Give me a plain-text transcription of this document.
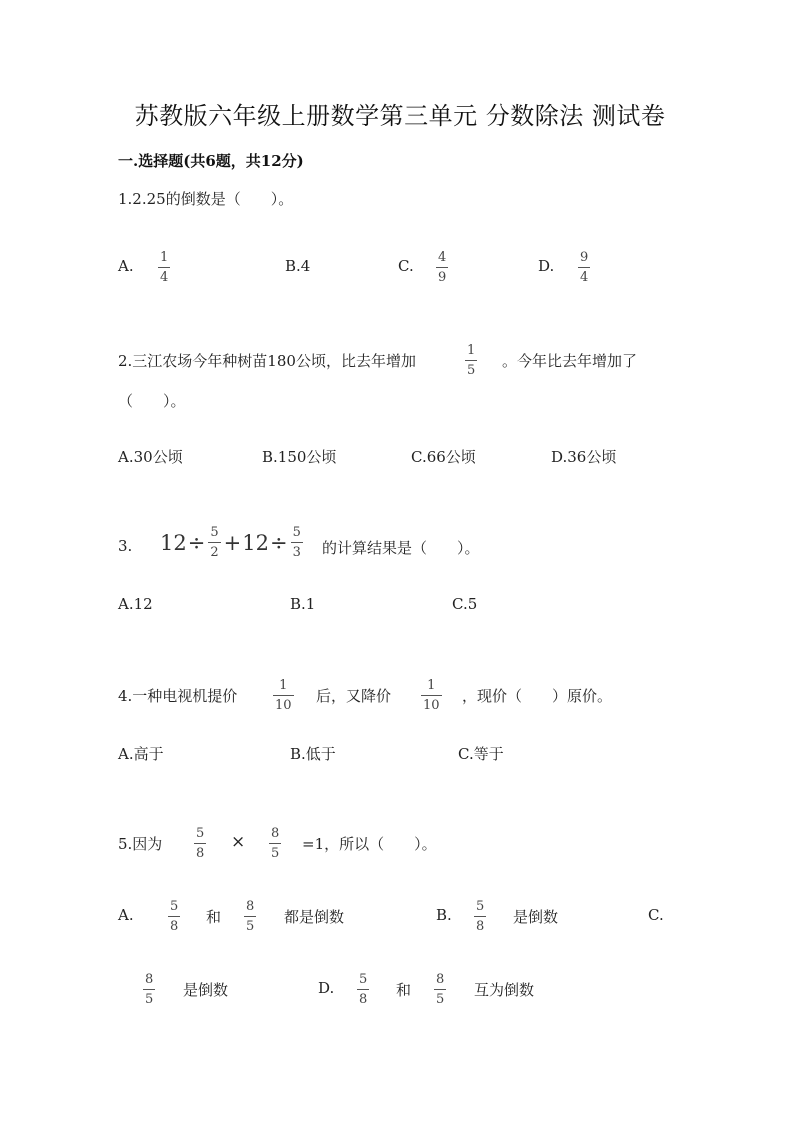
苏教版六年级上册数学第三单元 分数除法 测试卷
一.选择题(共6题，共12分)
1.2.25的倒数是（　　）。
A. 1
4
B.4	C. 4
9
D. 9
4
2.三江农场今年种树苗180公顷，比去年增加
1
5
。今年比去年增加了
（　　）。
A.30公顷	B.150公顷	C.66公顷	D.36公顷
3. $12 \div \frac{5}{2} + 12 \div \frac{5}{3}$ 的计算结果是（　　）。
A.12	B.1	C.5
4.一种电视机提价
1
10
后，又降价
1
10
，现价（　　）原价。
A.高于	B.低于	C.等于
5.因为
5
8
× 8
5
=1，所以（　　）。
A.	5
8
和
8
5
都是倒数	B. 5
8
是倒数	C.
8
5
是倒数	D. 5
8
和
8
5
互为倒数
